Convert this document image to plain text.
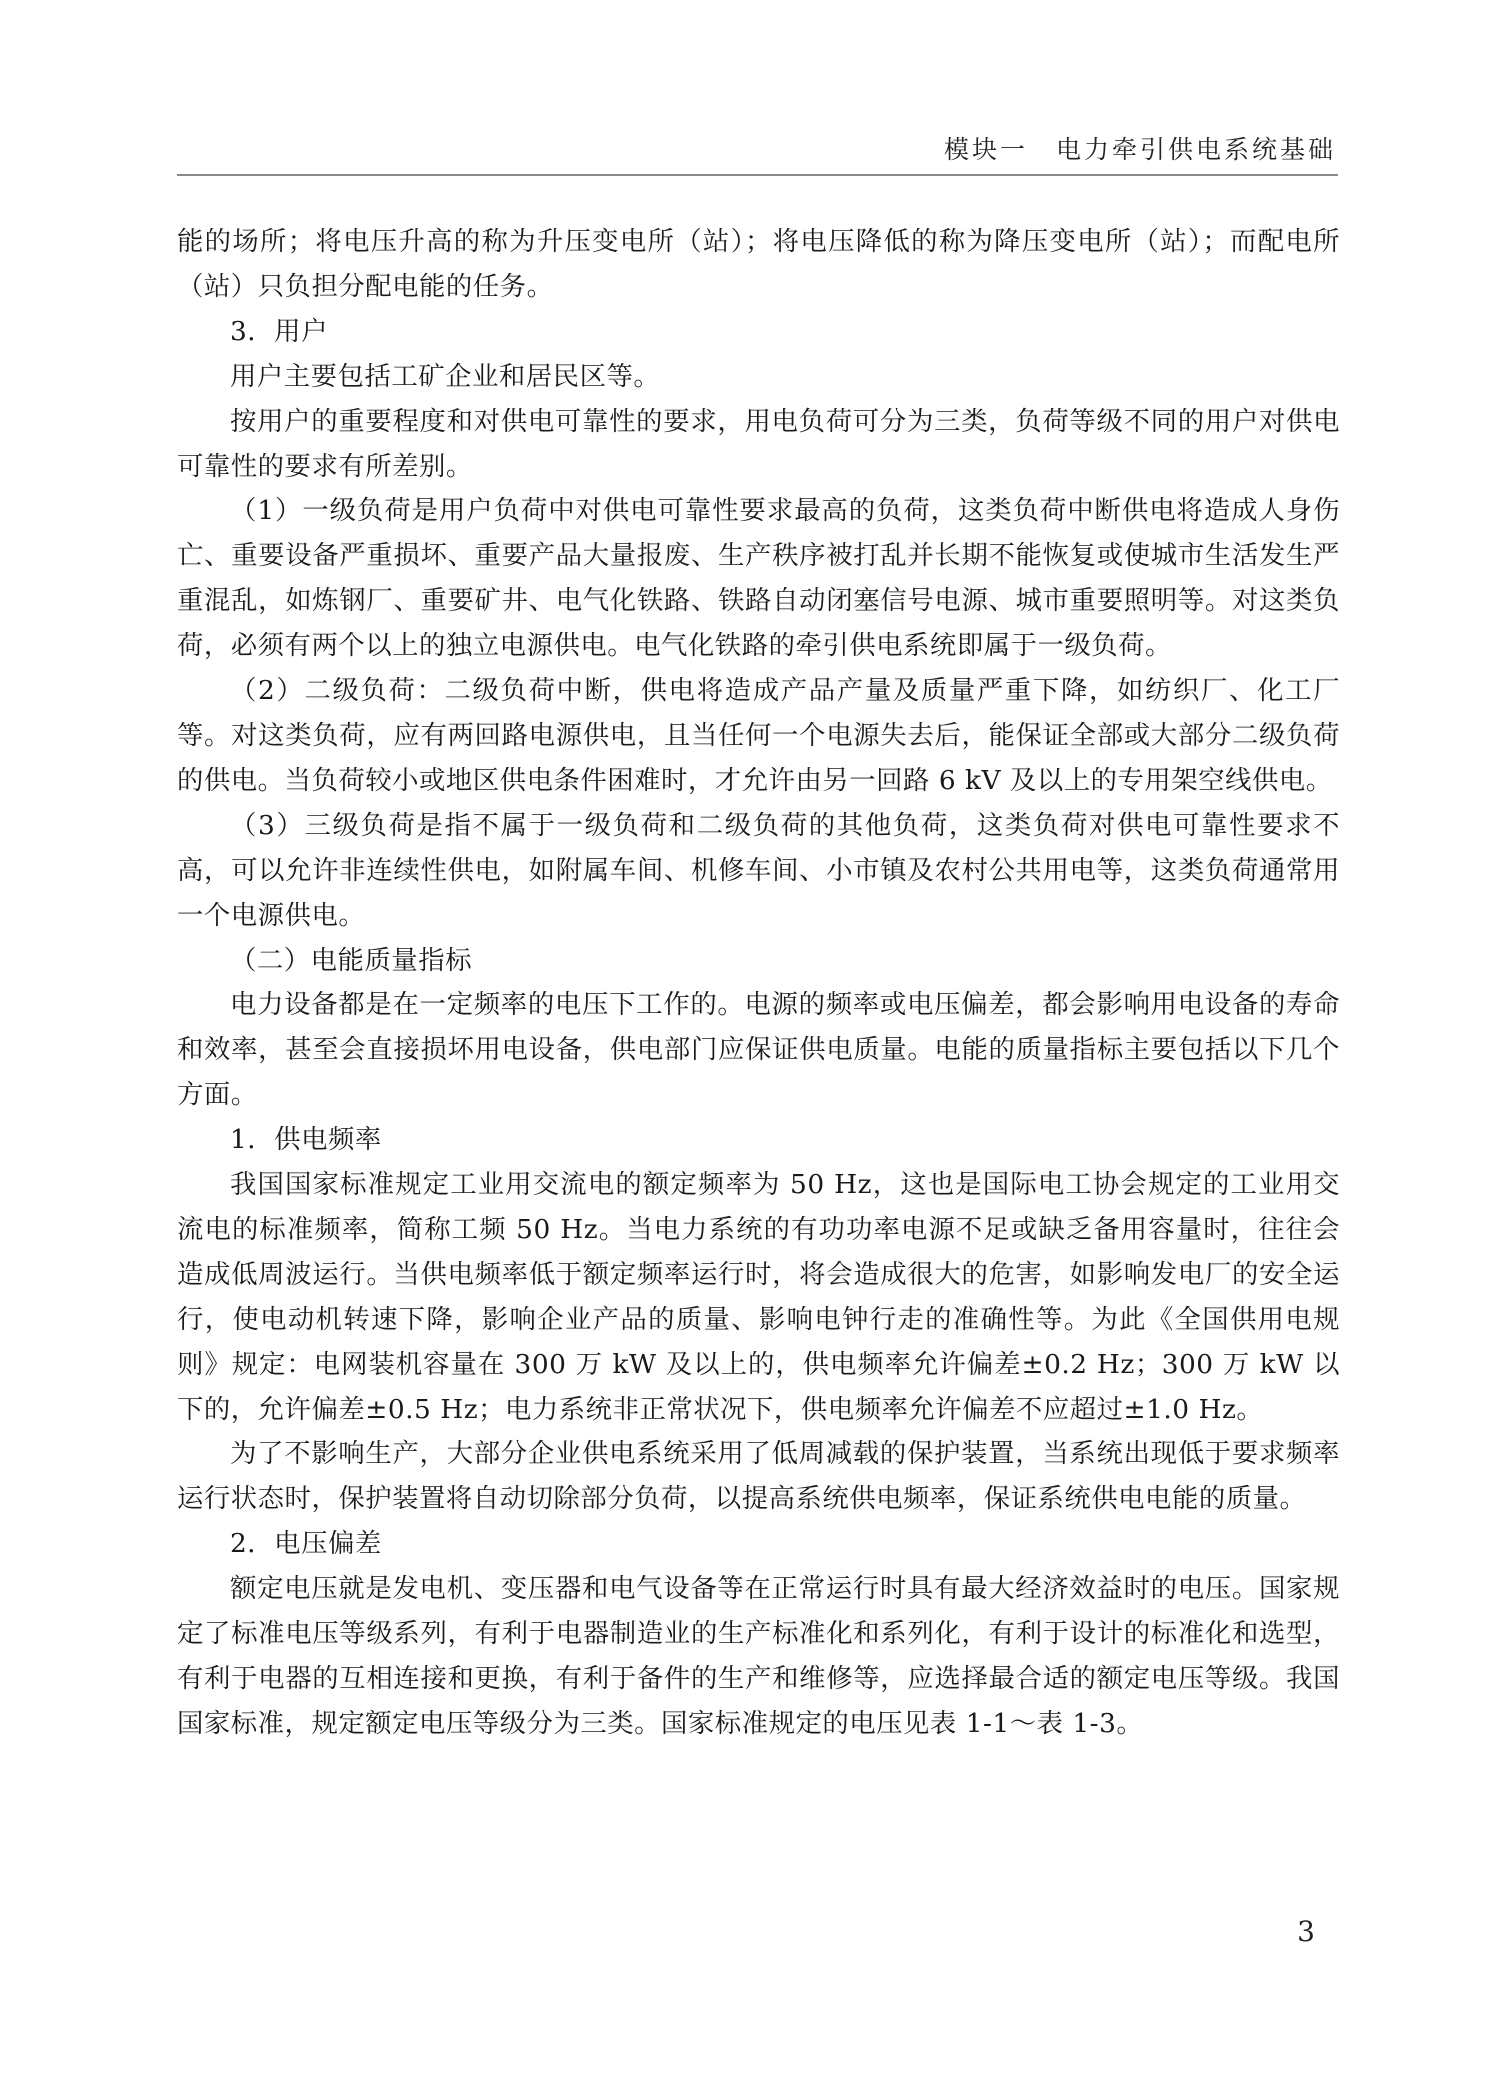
模块一　电力牵引供电系统基础

能的场所；将电压升高的称为升压变电所（站）；将电压降低的称为降压变电所（站）；而配电所（站）只负担分配电能的任务。

3．用户

用户主要包括工矿企业和居民区等。

按用户的重要程度和对供电可靠性的要求，用电负荷可分为三类，负荷等级不同的用户对供电可靠性的要求有所差别。

（1）一级负荷是用户负荷中对供电可靠性要求最高的负荷，这类负荷中断供电将造成人身伤亡、重要设备严重损坏、重要产品大量报废、生产秩序被打乱并长期不能恢复或使城市生活发生严重混乱，如炼钢厂、重要矿井、电气化铁路、铁路自动闭塞信号电源、城市重要照明等。对这类负荷，必须有两个以上的独立电源供电。电气化铁路的牵引供电系统即属于一级负荷。

（2）二级负荷：二级负荷中断，供电将造成产品产量及质量严重下降，如纺织厂、化工厂等。对这类负荷，应有两回路电源供电，且当任何一个电源失去后，能保证全部或大部分二级负荷的供电。当负荷较小或地区供电条件困难时，才允许由另一回路 6 kV 及以上的专用架空线供电。

（3）三级负荷是指不属于一级负荷和二级负荷的其他负荷，这类负荷对供电可靠性要求不高，可以允许非连续性供电，如附属车间、机修车间、小市镇及农村公共用电等，这类负荷通常用一个电源供电。

（二）电能质量指标

电力设备都是在一定频率的电压下工作的。电源的频率或电压偏差，都会影响用电设备的寿命和效率，甚至会直接损坏用电设备，供电部门应保证供电质量。电能的质量指标主要包括以下几个方面。

1．供电频率

我国国家标准规定工业用交流电的额定频率为 50 Hz，这也是国际电工协会规定的工业用交流电的标准频率，简称工频 50 Hz。当电力系统的有功功率电源不足或缺乏备用容量时，往往会造成低周波运行。当供电频率低于额定频率运行时，将会造成很大的危害，如影响发电厂的安全运行，使电动机转速下降，影响企业产品的质量、影响电钟行走的准确性等。为此《全国供用电规则》规定：电网装机容量在 300 万 kW 及以上的，供电频率允许偏差±0.2 Hz；300 万 kW 以下的，允许偏差±0.5 Hz；电力系统非正常状况下，供电频率允许偏差不应超过±1.0 Hz。

为了不影响生产，大部分企业供电系统采用了低周减载的保护装置，当系统出现低于要求频率运行状态时，保护装置将自动切除部分负荷，以提高系统供电频率，保证系统供电电能的质量。

2．电压偏差

额定电压就是发电机、变压器和电气设备等在正常运行时具有最大经济效益时的电压。国家规定了标准电压等级系列，有利于电器制造业的生产标准化和系列化，有利于设计的标准化和选型，有利于电器的互相连接和更换，有利于备件的生产和维修等，应选择最合适的额定电压等级。我国国家标准，规定额定电压等级分为三类。国家标准规定的电压见表 1-1～表 1-3。

3
